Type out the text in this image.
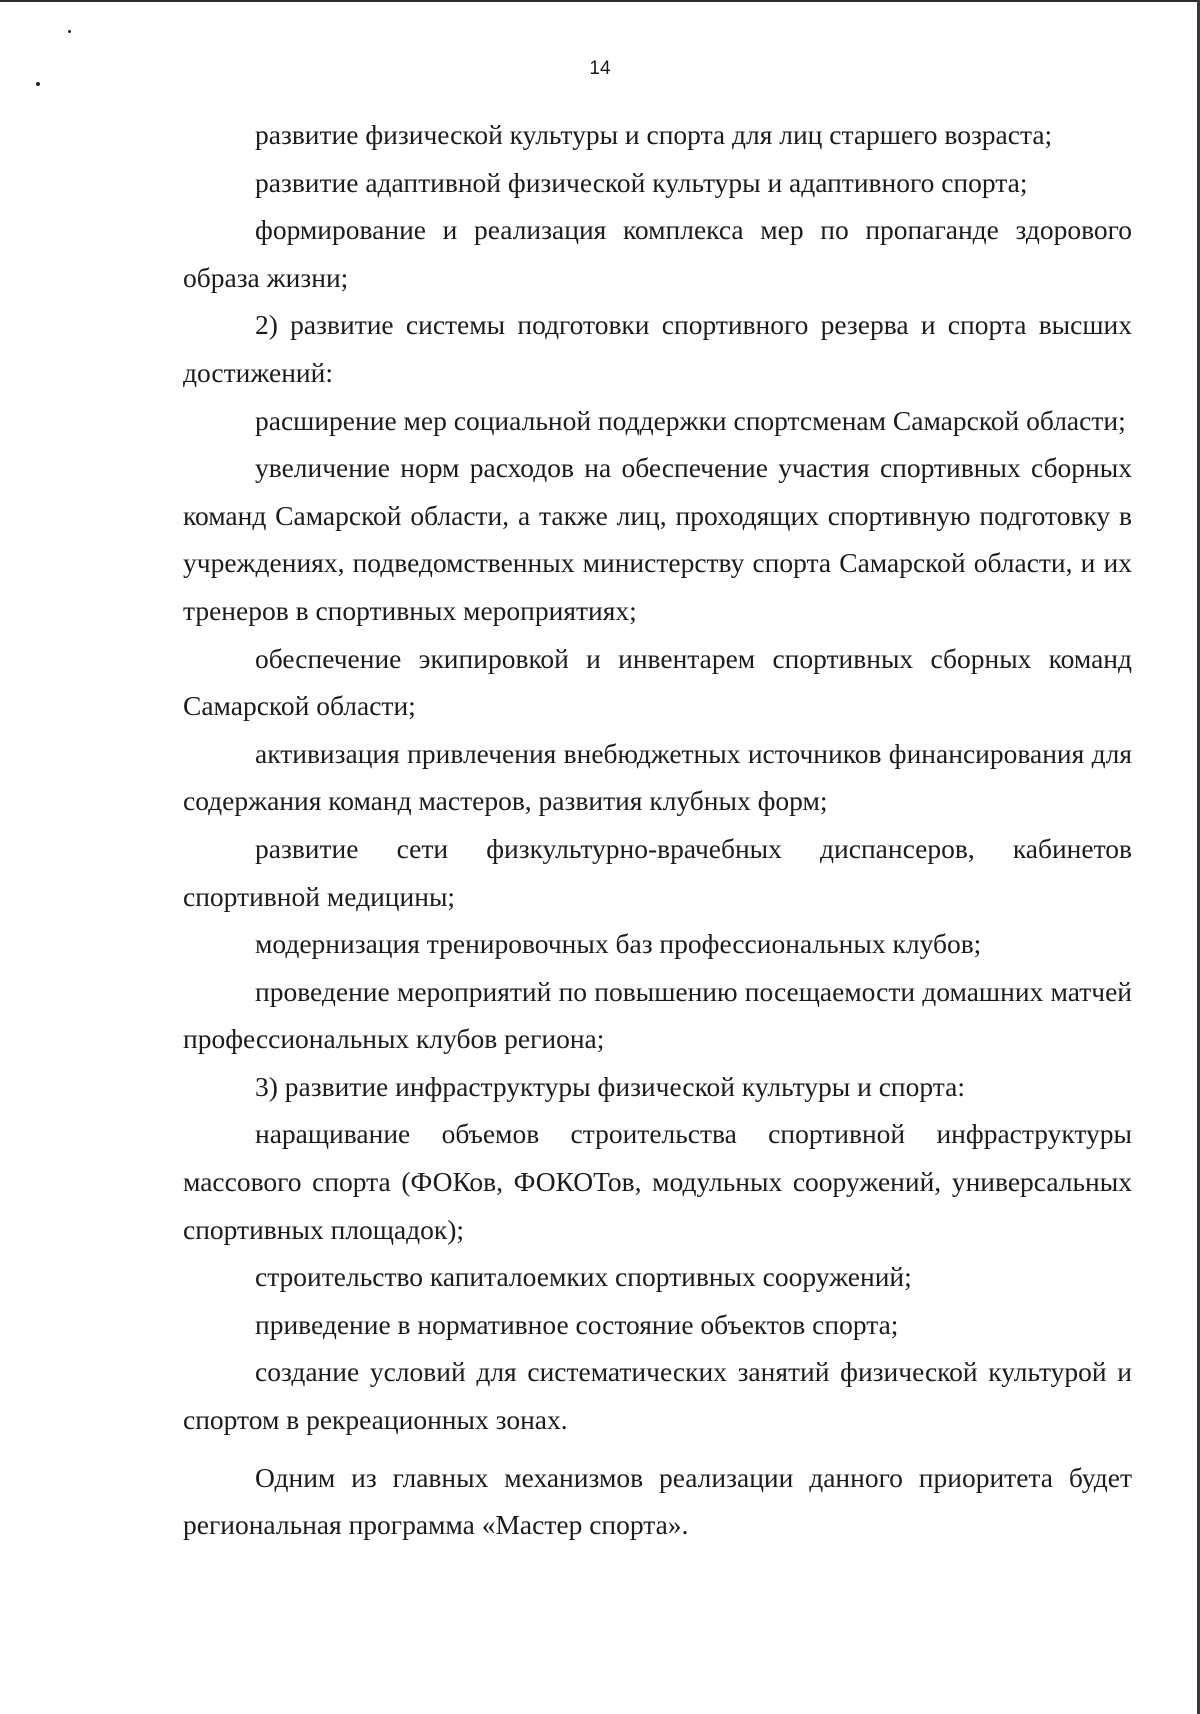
14

развитие физической культуры и спорта для лиц старшего возраста;

развитие адаптивной физической культуры и адаптивного спорта;

формирование и реализация комплекса мер по пропаганде здорового образа жизни;

2) развитие системы подготовки спортивного резерва и спорта высших достижений:

расширение мер социальной поддержки спортсменам Самарской области;

увеличение норм расходов на обеспечение участия спортивных сборных команд Самарской области, а также лиц, проходящих спортивную подготовку в учреждениях, подведомственных министерству спорта Самарской области, и их тренеров в спортивных мероприятиях;

обеспечение экипировкой и инвентарем спортивных сборных команд Самарской области;

активизация привлечения внебюджетных источников финансирования для содержания команд мастеров, развития клубных форм;

развитие сети физкультурно-врачебных диспансеров, кабинетов спортивной медицины;

модернизация тренировочных баз профессиональных клубов;

проведение мероприятий по повышению посещаемости домашних матчей профессиональных клубов региона;

3) развитие инфраструктуры физической культуры и спорта:

наращивание объемов строительства спортивной инфраструктуры массового спорта (ФОКов, ФОКОТов, модульных сооружений, универсальных спортивных площадок);

строительство капиталоемких спортивных сооружений;

приведение в нормативное состояние объектов спорта;

создание условий для систематических занятий физической культурой и спортом в рекреационных зонах.

Одним из главных механизмов реализации данного приоритета будет региональная программа «Мастер спорта».
